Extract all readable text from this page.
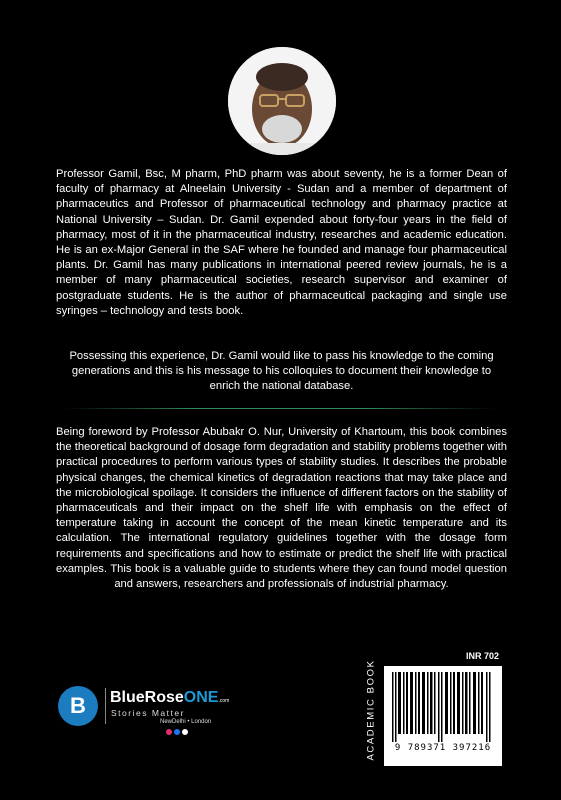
Professor Gamil, Bsc, M pharm, PhD pharm was about seventy, he is a former Dean of faculty of pharmacy at Alneelain University - Sudan and a member of department of pharmaceutics and Professor of pharmaceutical technology and pharmacy practice at National University – Sudan. Dr. Gamil expended about forty-four years in the field of pharmacy, most of it in the pharmaceutical industry, researches and academic education. He is an ex-Major General in the SAF where he founded and manage four pharmaceutical plants. Dr. Gamil has many publications in international peered review journals, he is a member of many pharmaceutical societies, research supervisor and examiner of postgraduate students. He is the author of pharmaceutical packaging and single use syringes – technology and tests book.

Possessing this experience, Dr. Gamil would like to pass his knowledge to the coming generations and this is his message to his colloquies to document their knowledge to enrich the national database.

Being foreword by Professor Abubakr O. Nur, University of Khartoum, this book combines the theoretical background of dosage form degradation and stability problems together with practical procedures to perform various types of stability studies. It describes the probable physical changes, the chemical kinetics of degradation reactions that may take place and the microbiological spoilage. It considers the influence of different factors on the stability of pharmaceuticals and their impact on the shelf life with emphasis on the effect of temperature taking in account the concept of the mean kinetic temperature and its calculation. The international regulatory guidelines together with the dosage form requirements and specifications and how to estimate or predict the shelf life with practical examples. This book is a valuable guide to students where they can found model question and answers, researchers and professionals of industrial pharmacy.

B	BlueRoseONE.com
Stories Matter
NewDelhi • London	ACADEMIC BOOK
INR 702
9 789371 397216
www.BlueRoseOne.com
